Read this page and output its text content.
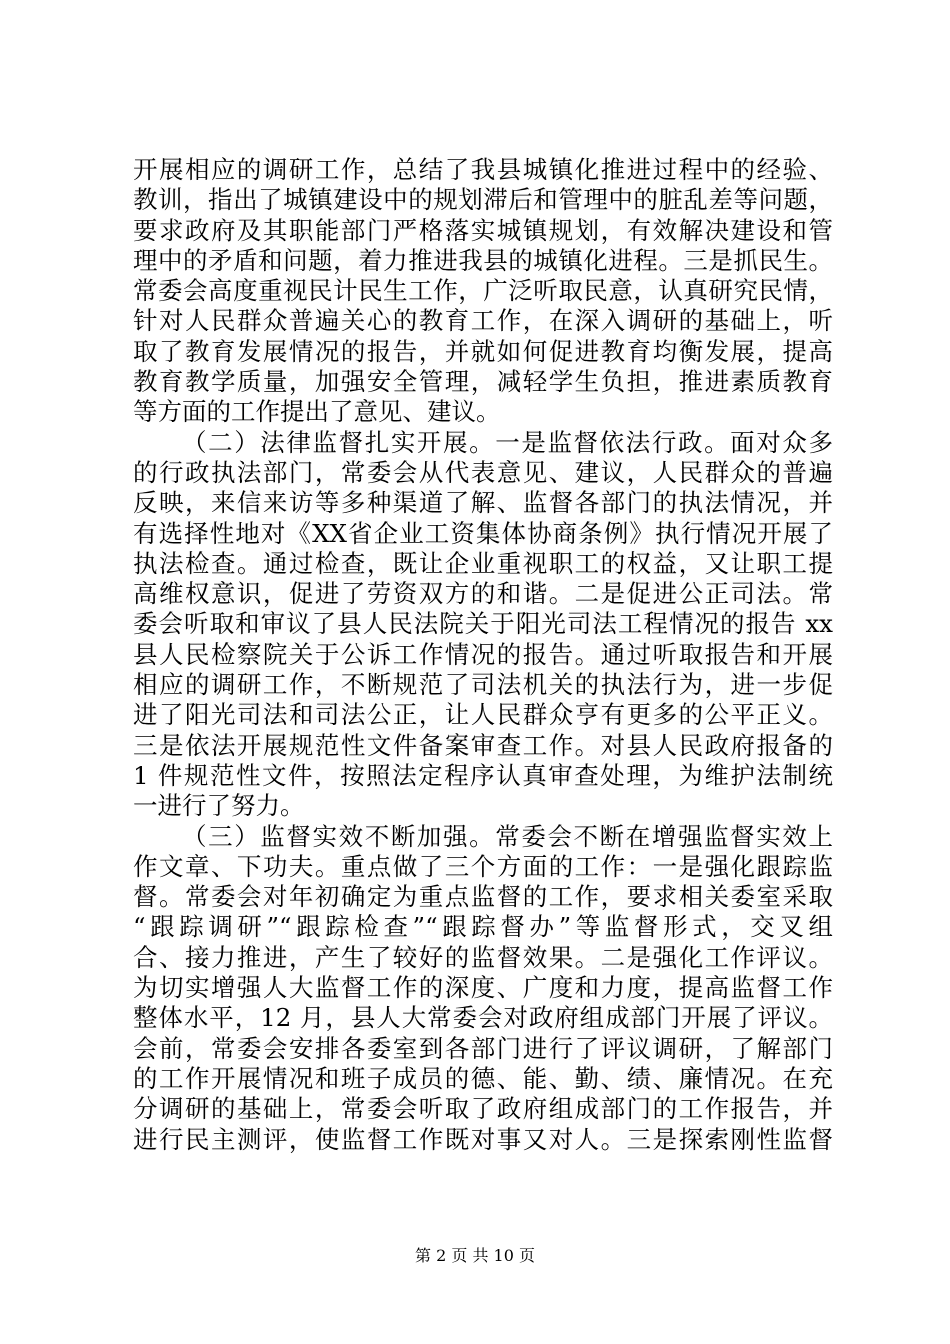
开展相应的调研工作，总结了我县城镇化推进过程中的经验、
教训，指出了城镇建设中的规划滞后和管理中的脏乱差等问题，
要求政府及其职能部门严格落实城镇规划，有效解决建设和管
理中的矛盾和问题，着力推进我县的城镇化进程。三是抓民生。
常委会高度重视民计民生工作，广泛听取民意，认真研究民情，
针对人民群众普遍关心的教育工作，在深入调研的基础上，听
取了教育发展情况的报告，并就如何促进教育均衡发展，提高
教育教学质量，加强安全管理，减轻学生负担，推进素质教育
等方面的工作提出了意见、建议。
（二）法律监督扎实开展。一是监督依法行政。面对众多
的行政执法部门，常委会从代表意见、建议，人民群众的普遍
反映，来信来访等多种渠道了解、监督各部门的执法情况，并
有选择性地对《XX省企业工资集体协商条例》执行情况开展了
执法检查。通过检查，既让企业重视职工的权益，又让职工提
高维权意识，促进了劳资双方的和谐。二是促进公正司法。常
委会听取和审议了县人民法院关于阳光司法工程情况的报告 xx
县人民检察院关于公诉工作情况的报告。通过听取报告和开展
相应的调研工作，不断规范了司法机关的执法行为，进一步促
进了阳光司法和司法公正，让人民群众亨有更多的公平正义。
三是依法开展规范性文件备案审查工作。对县人民政府报备的
1 件规范性文件，按照法定程序认真审查处理，为维护法制统
一进行了努力。
（三）监督实效不断加强。常委会不断在增强监督实效上
作文章、下功夫。重点做了三个方面的工作：一是强化跟踪监
督。常委会对年初确定为重点监督的工作，要求相关委室采取
“跟踪调研”“跟踪检查”“跟踪督办”等监督形式，交叉组
合、接力推进，产生了较好的监督效果。二是强化工作评议。
为切实增强人大监督工作的深度、广度和力度，提高监督工作
整体水平，12 月，县人大常委会对政府组成部门开展了评议。
会前，常委会安排各委室到各部门进行了评议调研，了解部门
的工作开展情况和班子成员的德、能、勤、绩、廉情况。在充
分调研的基础上，常委会听取了政府组成部门的工作报告，并
进行民主测评，使监督工作既对事又对人。三是探索刚性监督
第 2 页 共 10 页
